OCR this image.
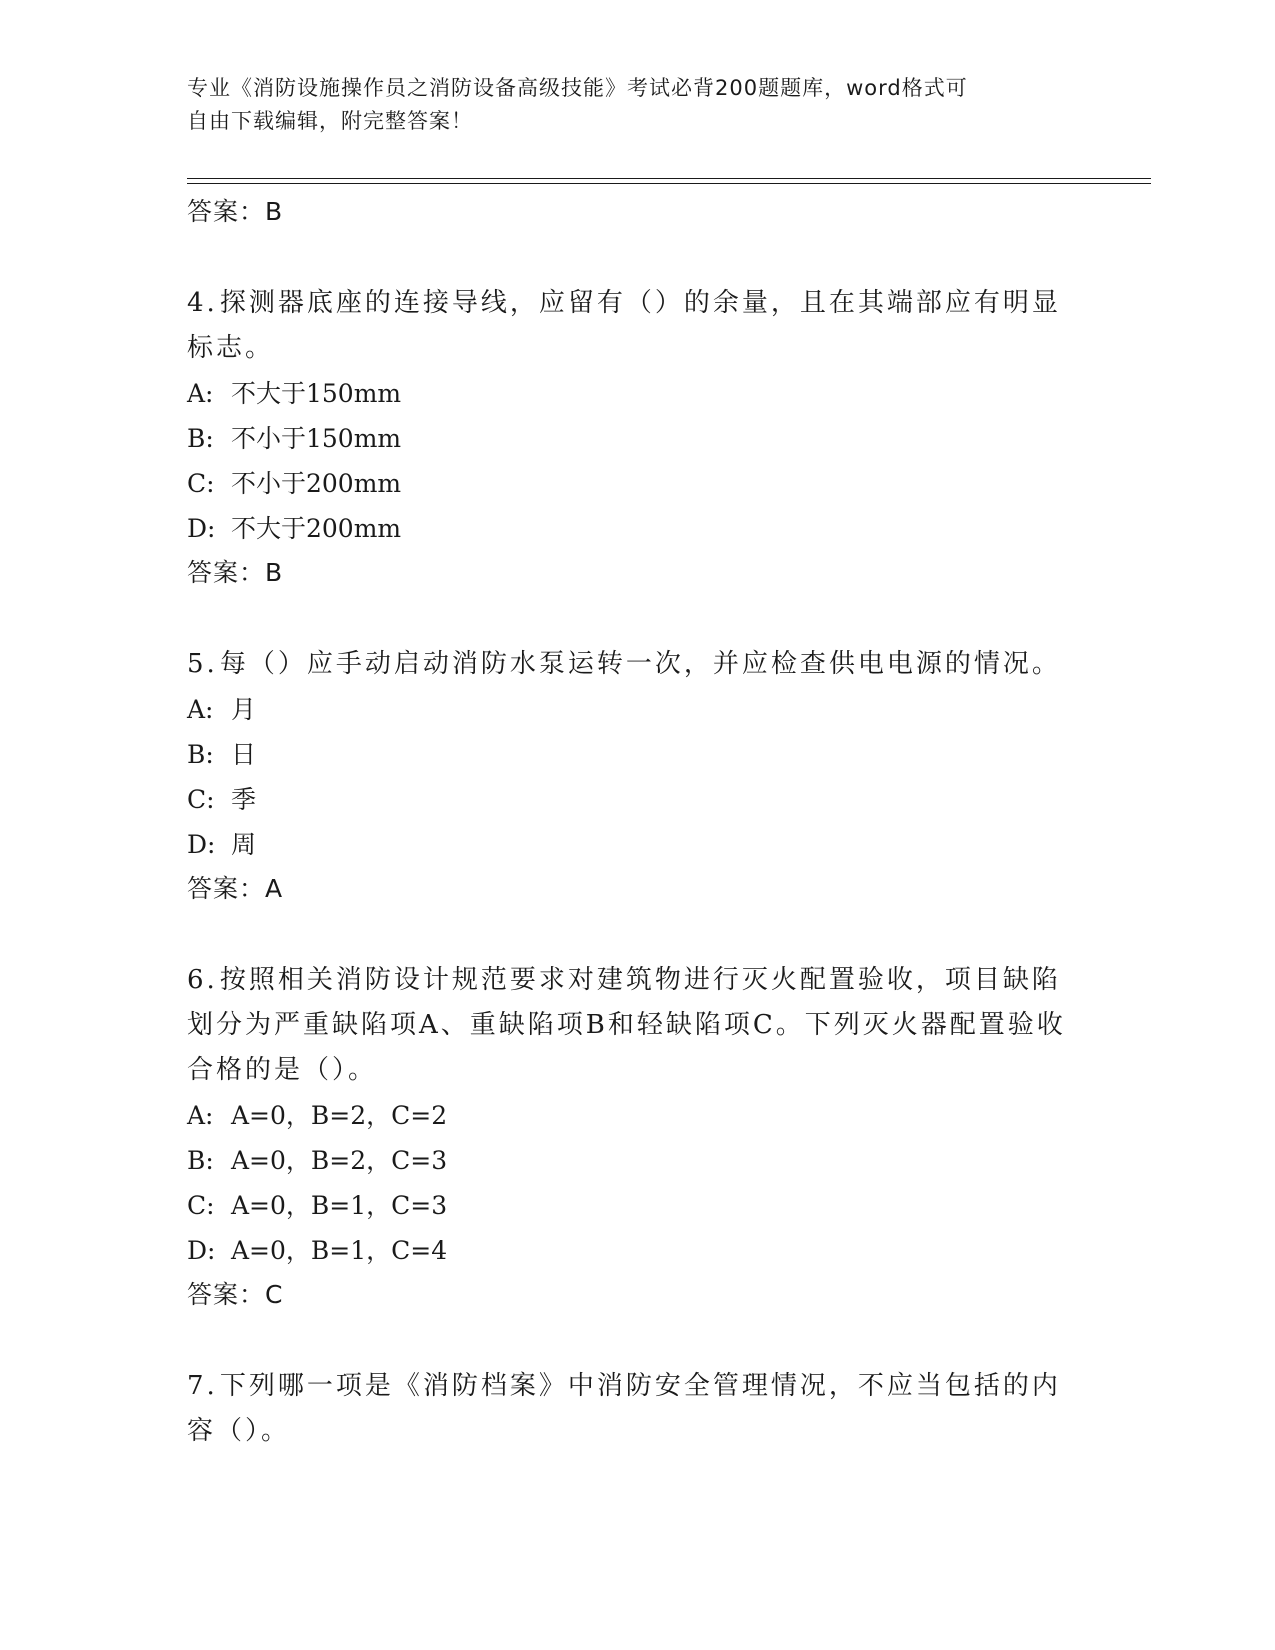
专业《消防设施操作员之消防设备高级技能》考试必背200题题库，word格式可
自由下载编辑，附完整答案！
答案：B
4.探测器底座的连接导线，应留有（）的余量，且在其端部应有明显
标志。
A: 不大于150mm
B: 不小于150mm
C: 不小于200mm
D: 不大于200mm
答案：B
5.每（）应手动启动消防水泵运转一次，并应检查供电电源的情况。
A: 月
B: 日
C: 季
D: 周
答案：A
6.按照相关消防设计规范要求对建筑物进行灭火配置验收，项目缺陷
划分为严重缺陷项A、重缺陷项B和轻缺陷项C。下列灭火器配置验收
合格的是（）。
A: A=0，B=2，C=2
B: A=0，B=2，C=3
C: A=0，B=1，C=3
D: A=0，B=1，C=4
答案：C
7.下列哪一项是《消防档案》中消防安全管理情况，不应当包括的内
容（）。
